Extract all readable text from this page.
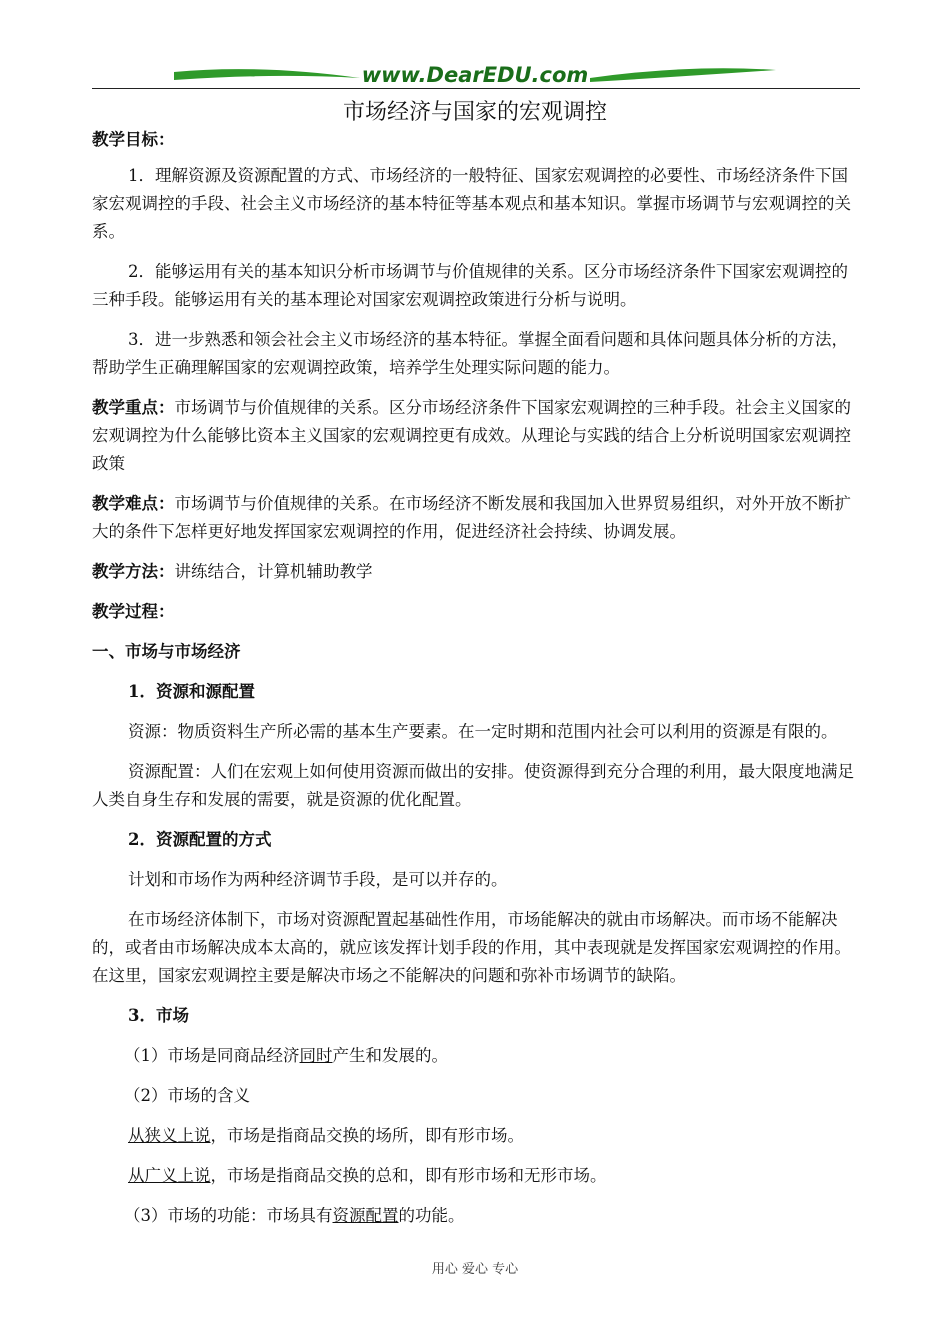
www.DearEDU.com
市场经济与国家的宏观调控

教学目标：

1．理解资源及资源配置的方式、市场经济的一般特征、国家宏观调控的必要性、市场经济条件下国家宏观调控的手段、社会主义市场经济的基本特征等基本观点和基本知识。掌握市场调节与宏观调控的关系。

2．能够运用有关的基本知识分析市场调节与价值规律的关系。区分市场经济条件下国家宏观调控的三种手段。能够运用有关的基本理论对国家宏观调控政策进行分析与说明。

3．进一步熟悉和领会社会主义市场经济的基本特征。掌握全面看问题和具体问题具体分析的方法，帮助学生正确理解国家的宏观调控政策，培养学生处理实际问题的能力。

教学重点：市场调节与价值规律的关系。区分市场经济条件下国家宏观调控的三种手段。社会主义国家的宏观调控为什么能够比资本主义国家的宏观调控更有成效。从理论与实践的结合上分析说明国家宏观调控政策

教学难点：市场调节与价值规律的关系。在市场经济不断发展和我国加入世界贸易组织，对外开放不断扩大的条件下怎样更好地发挥国家宏观调控的作用，促进经济社会持续、协调发展。

教学方法：讲练结合，计算机辅助教学

教学过程：

一、市场与市场经济

1．资源和源配置

资源：物质资料生产所必需的基本生产要素。在一定时期和范围内社会可以利用的资源是有限的。

资源配置：人们在宏观上如何使用资源而做出的安排。使资源得到充分合理的利用，最大限度地满足人类自身生存和发展的需要，就是资源的优化配置。

2．资源配置的方式

计划和市场作为两种经济调节手段，是可以并存的。

在市场经济体制下，市场对资源配置起基础性作用，市场能解决的就由市场解决。而市场不能解决的，或者由市场解决成本太高的，就应该发挥计划手段的作用，其中表现就是发挥国家宏观调控的作用。在这里，国家宏观调控主要是解决市场之不能解决的问题和弥补市场调节的缺陷。

3．市场

（1）市场是同商品经济同时产生和发展的。

（2）市场的含义

从狭义上说，市场是指商品交换的场所，即有形市场。

从广义上说，市场是指商品交换的总和，即有形市场和无形市场。

（3）市场的功能：市场具有资源配置的功能。

用心 爱心 专心
